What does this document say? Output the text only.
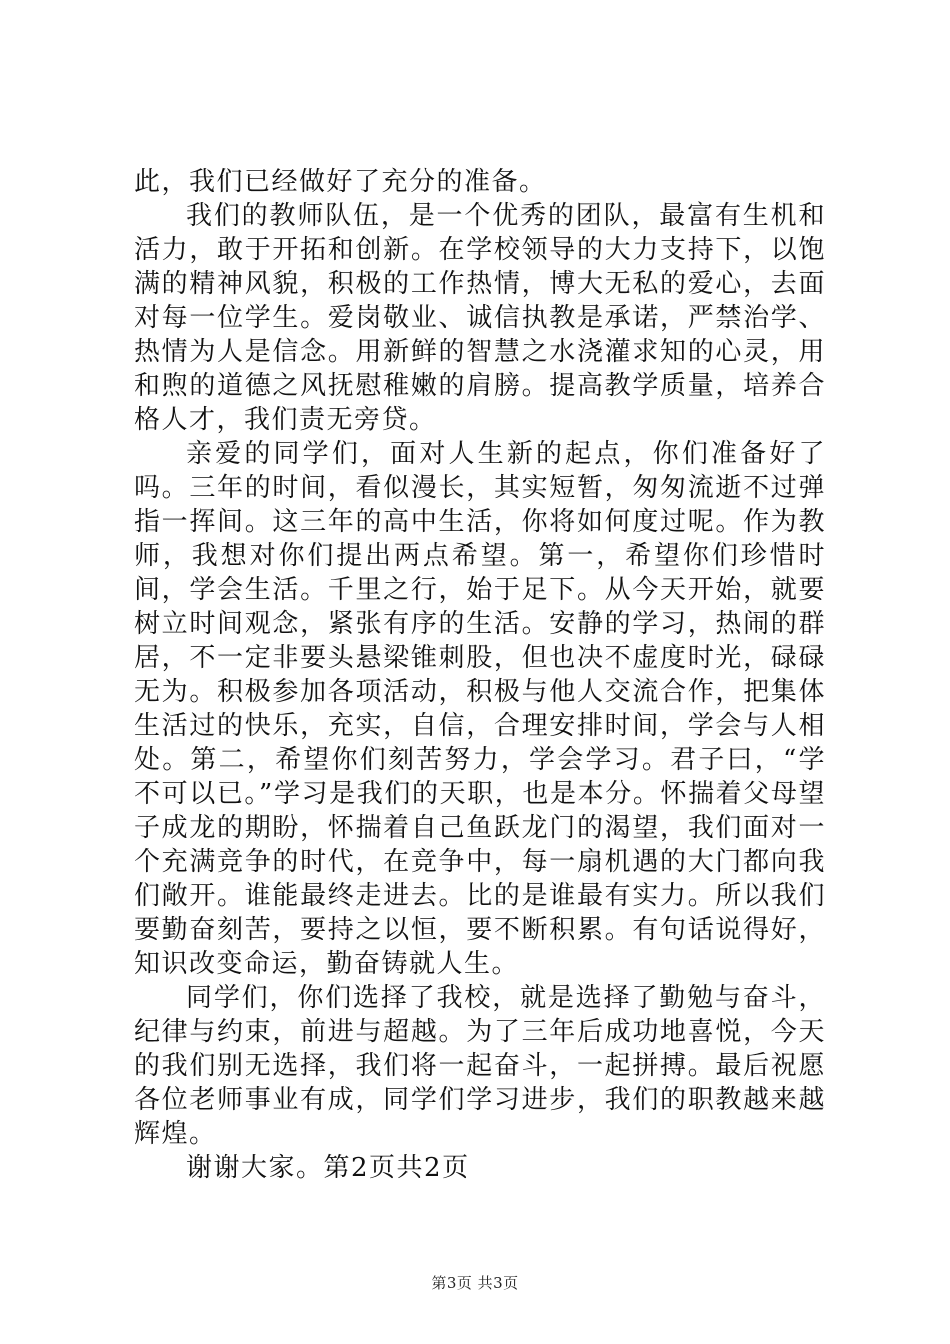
此，我们已经做好了充分的准备。

我们的教师队伍，是一个优秀的团队，最富有生机和活力，敢于开拓和创新。在学校领导的大力支持下，以饱满的精神风貌，积极的工作热情，博大无私的爱心，去面对每一位学生。爱岗敬业、诚信执教是承诺，严禁治学、热情为人是信念。用新鲜的智慧之水浇灌求知的心灵，用和煦的道德之风抚慰稚嫩的肩膀。提高教学质量，培养合格人才，我们责无旁贷。

亲爱的同学们，面对人生新的起点，你们准备好了吗。三年的时间，看似漫长，其实短暂，匆匆流逝不过弹指一挥间。这三年的高中生活，你将如何度过呢。作为教师，我想对你们提出两点希望。第一，希望你们珍惜时间，学会生活。千里之行，始于足下。从今天开始，就要树立时间观念，紧张有序的生活。安静的学习，热闹的群居，不一定非要头悬梁锥刺股，但也决不虚度时光，碌碌无为。积极参加各项活动，积极与他人交流合作，把集体生活过的快乐，充实，自信，合理安排时间，学会与人相处。第二，希望你们刻苦努力，学会学习。君子曰，“学不可以已。”学习是我们的天职，也是本分。怀揣着父母望子成龙的期盼，怀揣着自己鱼跃龙门的渴望，我们面对一个充满竞争的时代，在竞争中，每一扇机遇的大门都向我们敞开。谁能最终走进去。比的是谁最有实力。所以我们要勤奋刻苦，要持之以恒，要不断积累。有句话说得好，知识改变命运，勤奋铸就人生。

同学们，你们选择了我校，就是选择了勤勉与奋斗，纪律与约束，前进与超越。为了三年后成功地喜悦，今天的我们别无选择，我们将一起奋斗，一起拼搏。最后祝愿各位老师事业有成，同学们学习进步，我们的职教越来越辉煌。

谢谢大家。第2页共2页

第3页 共3页
